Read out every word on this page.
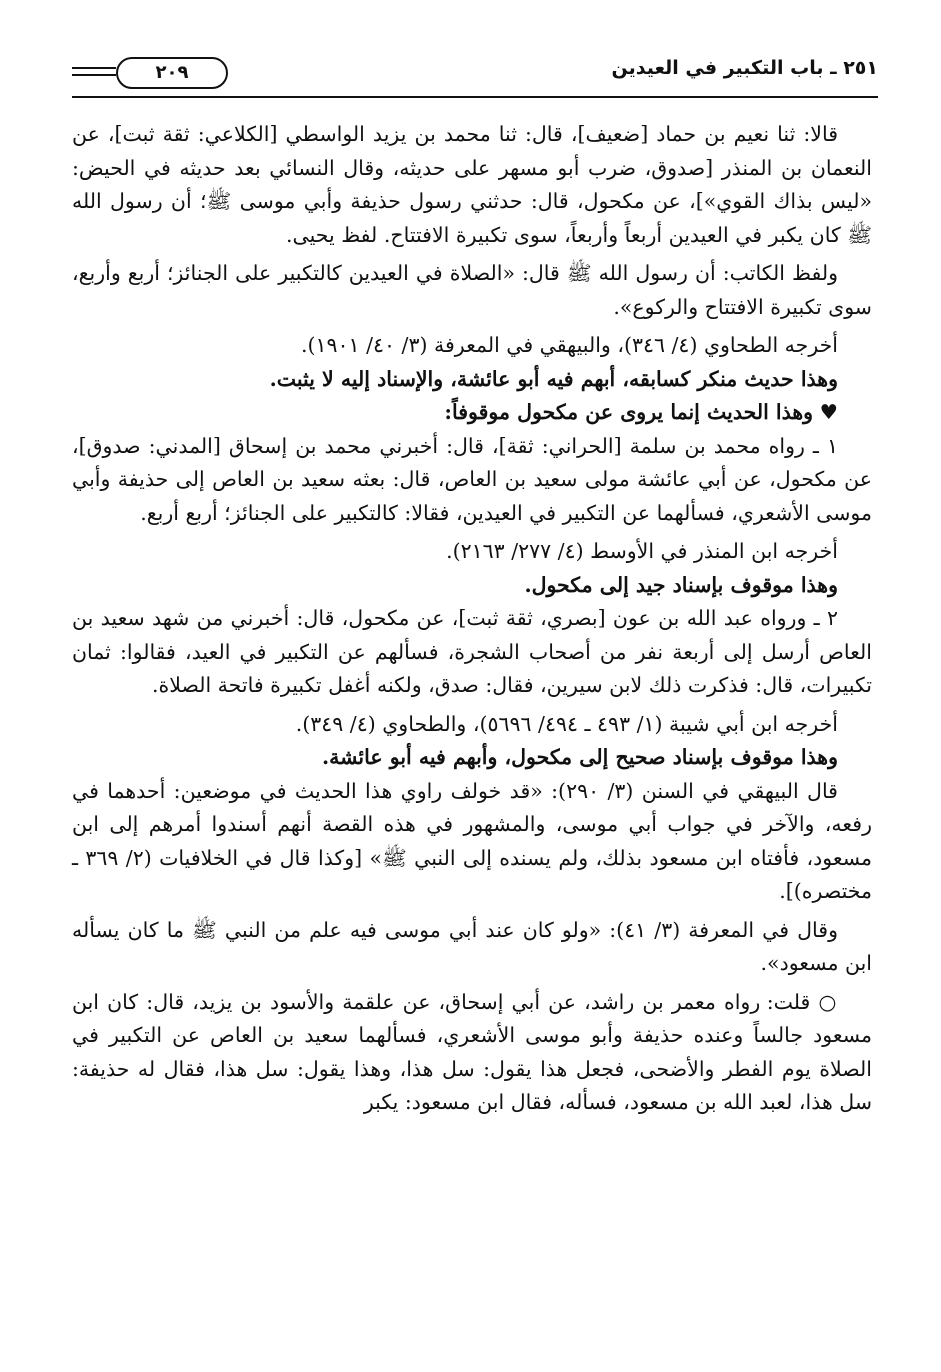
٢٠٩	٢٥١ ـ باب التكبير في العيدين

قالا: ثنا نعيم بن حماد [ضعيف]، قال: ثنا محمد بن يزيد الواسطي [الكلاعي: ثقة ثبت]، عن النعمان بن المنذر [صدوق، ضرب أبو مسهر على حديثه، وقال النسائي بعد حديثه في الحيض: «ليس بذاك القوي»]، عن مكحول، قال: حدثني رسول حذيفة وأبي موسى ﷺ؛ أن رسول الله ﷺ كان يكبر في العيدين أربعاً وأربعاً، سوى تكبيرة الافتتاح. لفظ يحيى.

ولفظ الكاتب: أن رسول الله ﷺ قال: «الصلاة في العيدين كالتكبير على الجنائز؛ أربع وأربع، سوى تكبيرة الافتتاح والركوع».

أخرجه الطحاوي (٤/ ٣٤٦)، والبيهقي في المعرفة (٣/ ٤٠/ ١٩٠١).

وهذا حديث منكر كسابقه، أبهم فيه أبو عائشة، والإسناد إليه لا يثبت.

♥ وهذا الحديث إنما يروى عن مكحول موقوفاً:

١ ـ رواه محمد بن سلمة [الحراني: ثقة]، قال: أخبرني محمد بن إسحاق [المدني: صدوق]، عن مكحول، عن أبي عائشة مولى سعيد بن العاص، قال: بعثه سعيد بن العاص إلى حذيفة وأبي موسى الأشعري، فسألهما عن التكبير في العيدين، فقالا: كالتكبير على الجنائز؛ أربع أربع.

أخرجه ابن المنذر في الأوسط (٤/ ٢٧٧/ ٢١٦٣).

وهذا موقوف بإسناد جيد إلى مكحول.

٢ ـ ورواه عبد الله بن عون [بصري، ثقة ثبت]، عن مكحول، قال: أخبرني من شهد سعيد بن العاص أرسل إلى أربعة نفر من أصحاب الشجرة، فسألهم عن التكبير في العيد، فقالوا: ثمان تكبيرات، قال: فذكرت ذلك لابن سيرين، فقال: صدق، ولكنه أغفل تكبيرة فاتحة الصلاة.

أخرجه ابن أبي شيبة (١/ ٤٩٣ ـ ٤٩٤/ ٥٦٩٦)، والطحاوي (٤/ ٣٤٩).

وهذا موقوف بإسناد صحيح إلى مكحول، وأبهم فيه أبو عائشة.

قال البيهقي في السنن (٣/ ٢٩٠): «قد خولف راوي هذا الحديث في موضعين: أحدهما في رفعه، والآخر في جواب أبي موسى، والمشهور في هذه القصة أنهم أسندوا أمرهم إلى ابن مسعود، فأفتاه ابن مسعود بذلك، ولم يسنده إلى النبي ﷺ» [وكذا قال في الخلافيات (٢/ ٣٦٩ ـ مختصره)].

وقال في المعرفة (٣/ ٤١): «ولو كان عند أبي موسى فيه علم من النبي ﷺ ما كان يسأله ابن مسعود».

○ قلت: رواه معمر بن راشد، عن أبي إسحاق، عن علقمة والأسود بن يزيد، قال: كان ابن مسعود جالساً وعنده حذيفة وأبو موسى الأشعري، فسألهما سعيد بن العاص عن التكبير في الصلاة يوم الفطر والأضحى، فجعل هذا يقول: سل هذا، وهذا يقول: سل هذا، فقال له حذيفة: سل هذا، لعبد الله بن مسعود، فسأله، فقال ابن مسعود: يكبر
